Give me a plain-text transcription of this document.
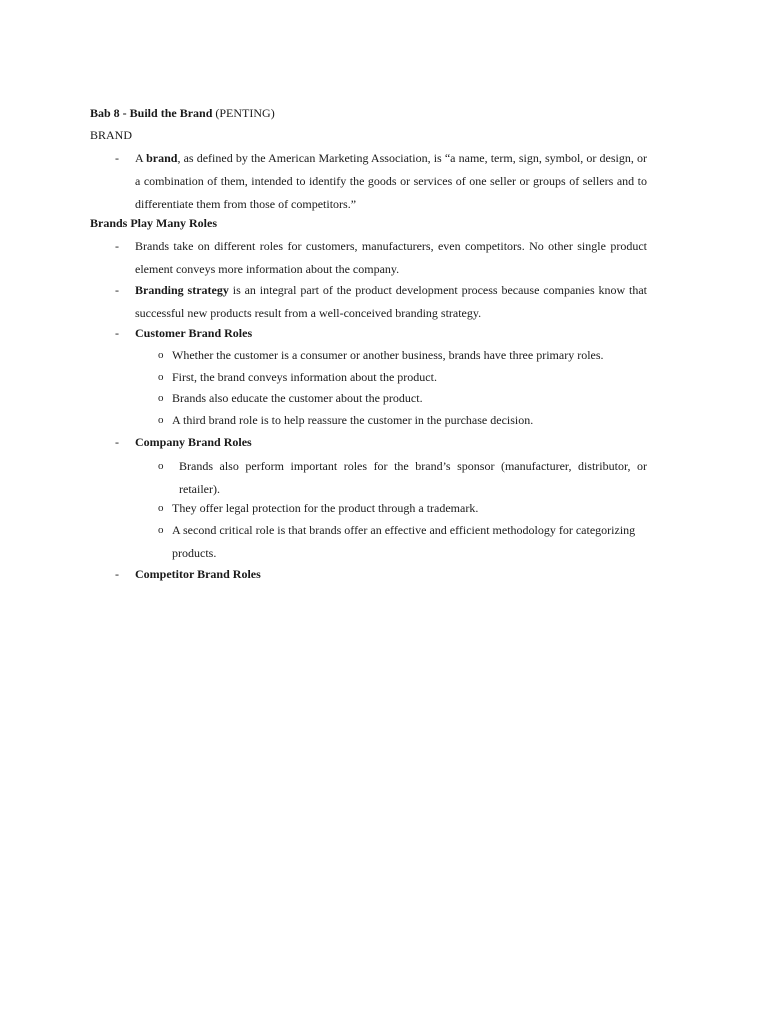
Bab 8 - Build the Brand (PENTING)
BRAND
- A brand, as defined by the American Marketing Association, is “a name, term, sign, symbol, or design, or a combination of them, intended to identify the goods or services of one seller or groups of sellers and to differentiate them from those of competitors.”
Brands Play Many Roles
- Brands take on different roles for customers, manufacturers, even competitors. No other single product element conveys more information about the company.
- Branding strategy is an integral part of the product development process because companies know that successful new products result from a well-conceived branding strategy.
- Customer Brand Roles
o Whether the customer is a consumer or another business, brands have three primary roles.
o First, the brand conveys information about the product.
o Brands also educate the customer about the product.
o A third brand role is to help reassure the customer in the purchase decision.
- Company Brand Roles
o Brands also perform important roles for the brand’s sponsor (manufacturer, distributor, or retailer).
o They offer legal protection for the product through a trademark.
o A second critical role is that brands offer an effective and efficient methodology for categorizing products.
- Competitor Brand Roles
